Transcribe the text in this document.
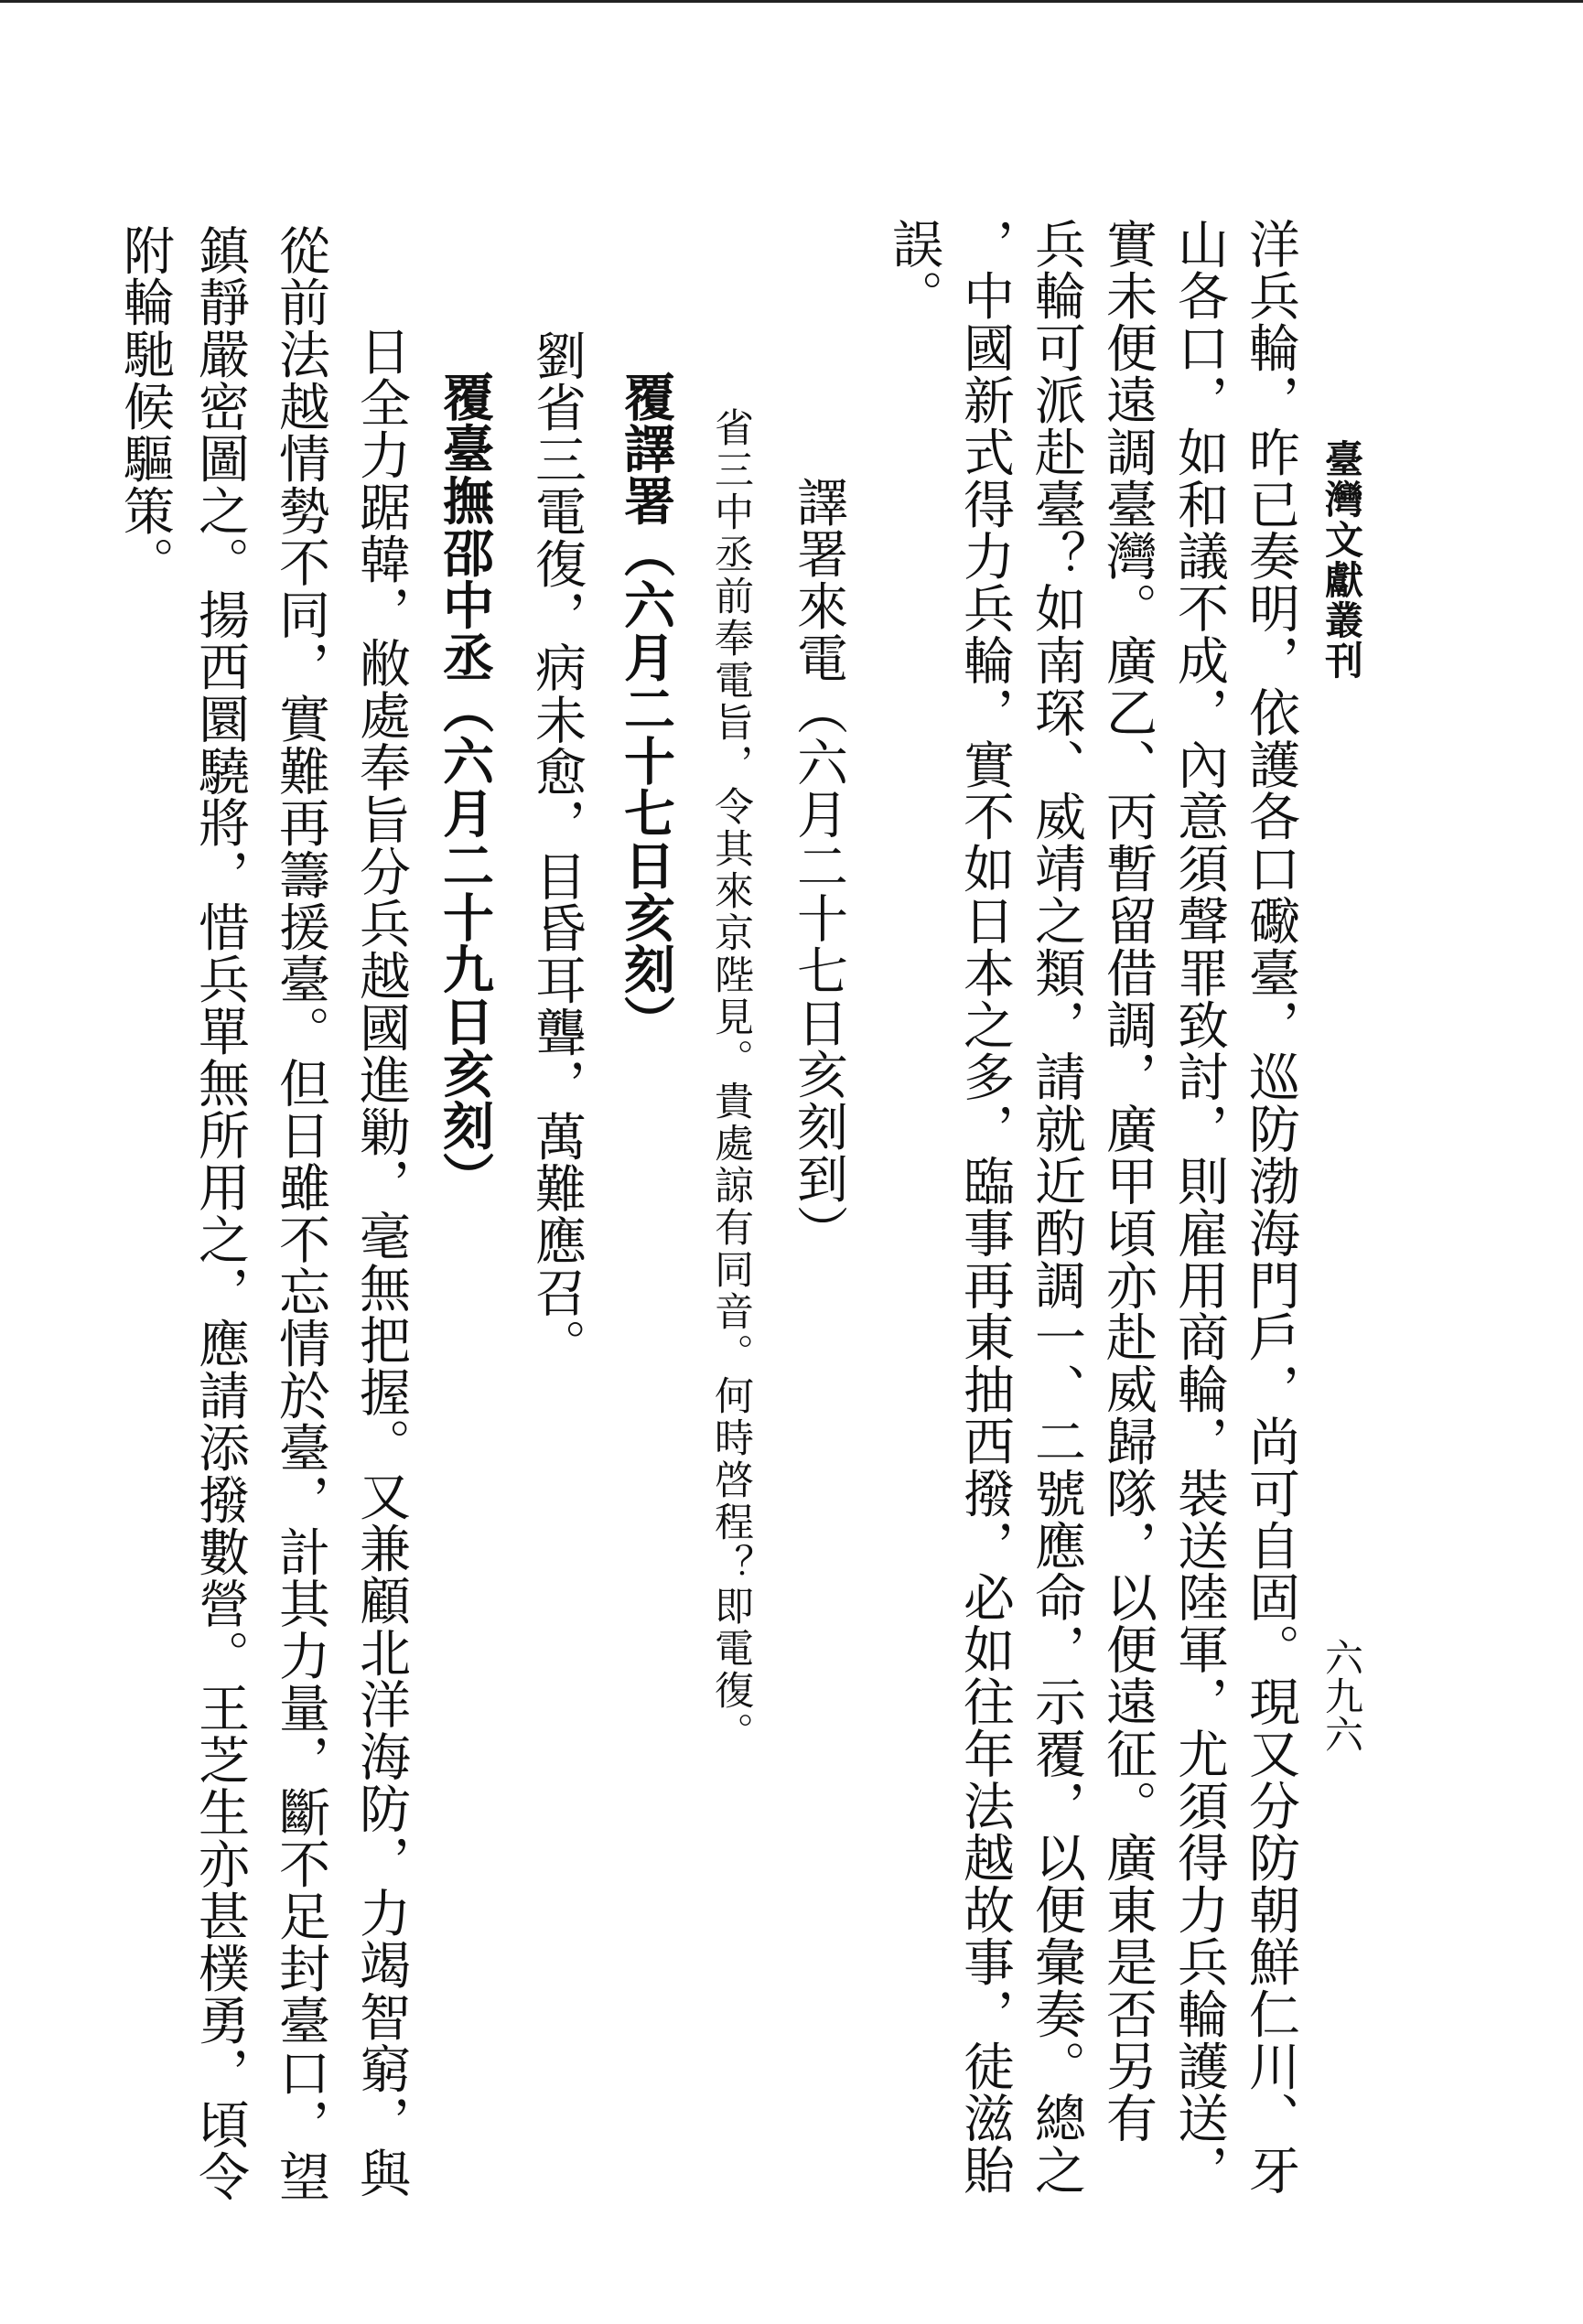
臺灣文獻叢刊
六九六
洋兵輪，昨已奏明，依護各口礮臺，巡防渤海門戶，尚可自固。現又分防朝鮮仁川、牙
山各口，如和議不成，內意須聲罪致討，則雇用商輪，裝送陸軍，尤須得力兵輪護送，
實未便遠調臺灣。廣乙、丙暫留借調，廣甲頃亦赴威歸隊，以便遠征。廣東是否另有
兵輪可派赴臺？如南琛、威靖之類，請就近酌調一、二號應命，示覆，以便彙奏。總之
，中國新式得力兵輪，實不如日本之多，臨事再東抽西撥，必如往年法越故事，徒滋貽
誤。
譯署來電（六月二十七日亥刻到）
省三中丞前奉電旨，令其來京陛見。貴處諒有同音。何時啓程？即電復。
覆譯署（六月二十七日亥刻）
劉省三電復，病未愈，目昏耳聾，萬難應召。
覆臺撫邵中丞（六月二十九日亥刻）
日全力踞韓，敝處奉旨分兵越國進勦，毫無把握。又兼顧北洋海防，力竭智窮，與
從前法越情勢不同，實難再籌援臺。但日雖不忘情於臺，計其力量，斷不足封臺口，望
鎮靜嚴密圖之。揚西圜驍將，惜兵單無所用之，應請添撥數營。王芝生亦甚樸勇，頃令
附輪馳候驅策。
